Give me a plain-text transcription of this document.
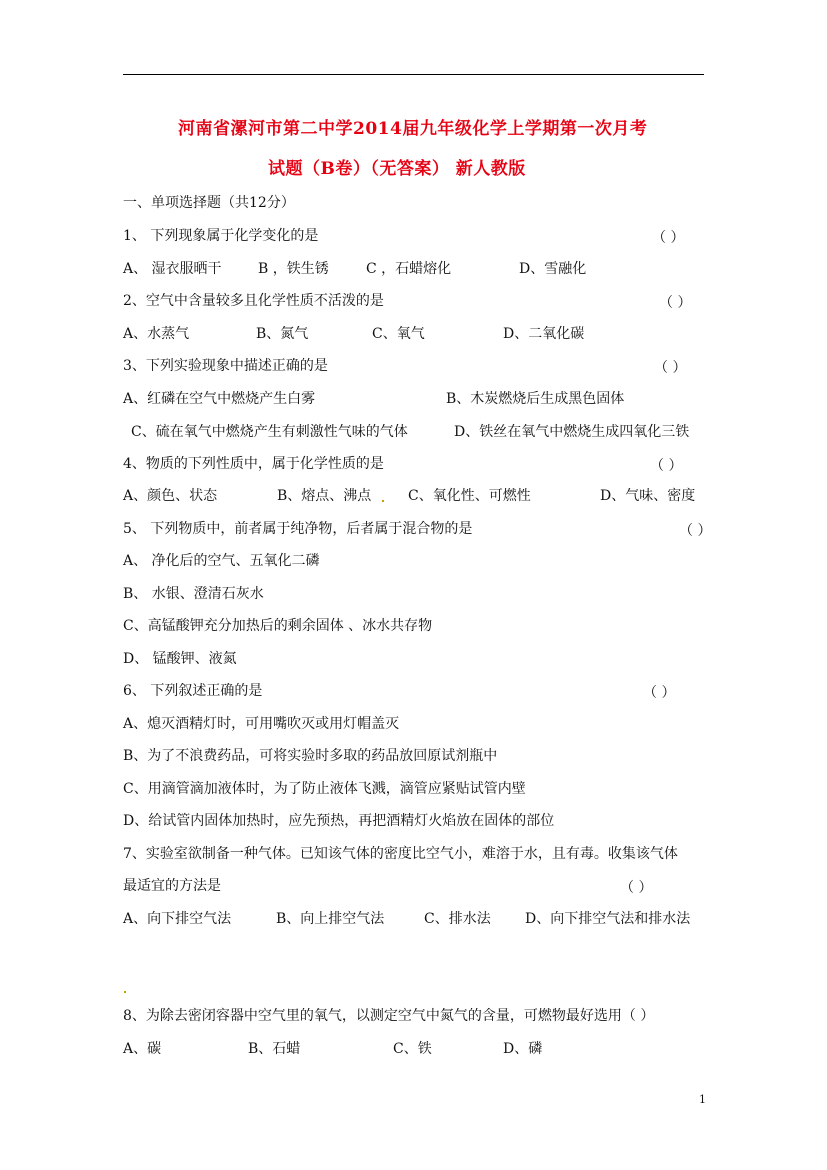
河南省漯河市第二中学2014届九年级化学上学期第一次月考
试题（B卷）（无答案） 新人教版
一、单项选择题（共12分）
1、 下列现象属于化学变化的是	（ ）
A、 湿衣服晒干	B ，铁生锈	C ，石蜡熔化	D、雪融化
2、空气中含量较多且化学性质不活泼的是	（ ）
A、水蒸气	B、氮气	C、氧气	D、二氧化碳
3、下列实验现象中描述正确的是	（ ）
A、红磷在空气中燃烧产生白雾	B、木炭燃烧后生成黑色固体
C、硫在氧气中燃烧产生有刺激性气味的气体	D、铁丝在氧气中燃烧生成四氧化三铁
4、物质的下列性质中，属于化学性质的是	（ ）
A、颜色、状态	B、熔点、沸点	C、氧化性、可燃性	D、气味、密度
5、 下列物质中，前者属于纯净物，后者属于混合物的是	（ ）
A、 净化后的空气、五氧化二磷
B、 水银、澄清石灰水
C、高锰酸钾充分加热后的剩余固体 、冰水共存物
D、 锰酸钾、液氮
6、 下列叙述正确的是	（ ）
A、熄灭酒精灯时，可用嘴吹灭或用灯帽盖灭
B、为了不浪费药品，可将实验时多取的药品放回原试剂瓶中
C、用滴管滴加液体时，为了防止液体飞溅，滴管应紧贴试管内壁
D、给试管内固体加热时，应先预热，再把酒精灯火焰放在固体的部位
7、实验室欲制备一种气体。已知该气体的密度比空气小，难溶于水，且有毒。收集该气体
最适宜的方法是	（ ）
A、向下排空气法	B、向上排空气法	C、排水法 D、向下排空气法和排水法
8、为除去密闭容器中空气里的氧气，以测定空气中氮气的含量，可燃物最好选用（ ）
A、碳	B、石蜡	C、铁	D、磷
1
